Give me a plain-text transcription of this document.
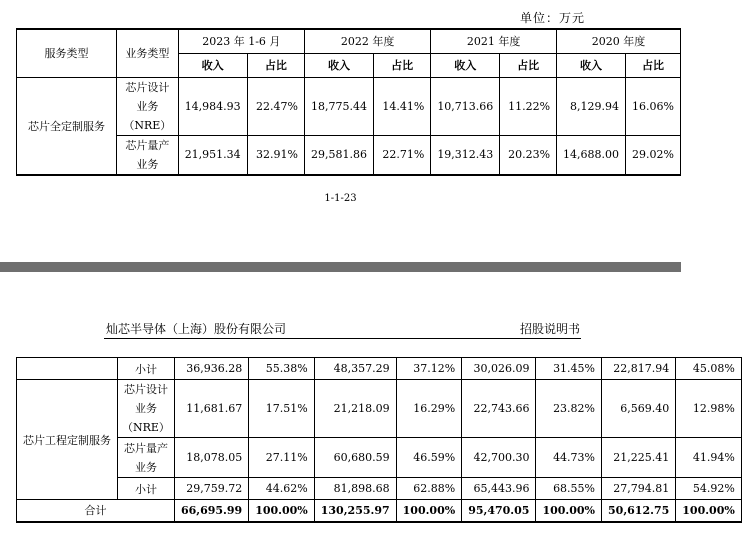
单位：万元
服务类型	业务类型	2023 年 1-6 月		2022 年度		2021 年度		2020 年度	
		收入	占比	收入	占比	收入	占比	收入	占比
芯片全定制服务	芯片设计业务（NRE）	14,984.93	22.47%	18,775.44	14.41%	10,713.66	11.22%	8,129.94	16.06%
	芯片量产业务	21,951.34	32.91%	29,581.86	22.71%	19,312.43	20.23%	14,688.00	29.02%
1-1-23
灿芯半导体（上海）股份有限公司	招股说明书
	小计	36,936.28	55.38%	48,357.29	37.12%	30,026.09	31.45%	22,817.94	45.08%
芯片工程定制服务	芯片设计业务（NRE）	11,681.67	17.51%	21,218.09	16.29%	22,743.66	23.82%	6,569.40	12.98%
	芯片量产业务	18,078.05	27.11%	60,680.59	46.59%	42,700.30	44.73%	21,225.41	41.94%
	小计	29,759.72	44.62%	81,898.68	62.88%	65,443.96	68.55%	27,794.81	54.92%
合计		66,695.99	100.00%	130,255.97	100.00%	95,470.05	100.00%	50,612.75	100.00%
